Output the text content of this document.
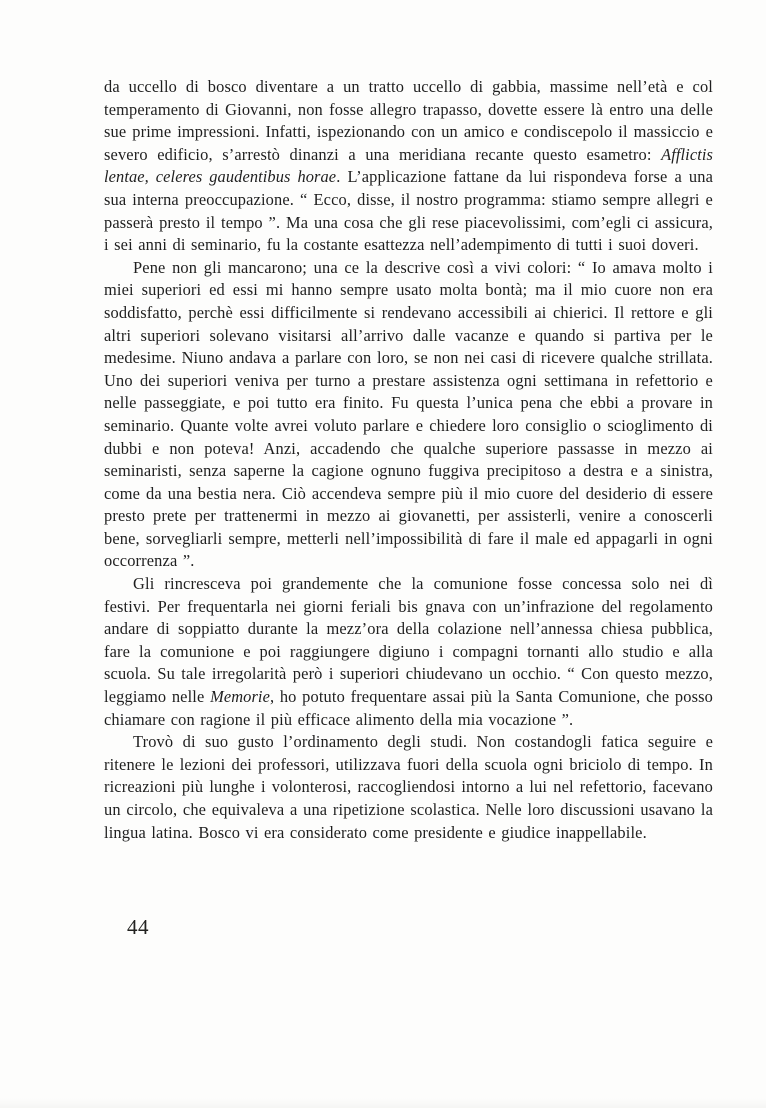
da uccello di bosco diventare a un tratto uccello di gabbia, massime nell’età e col temperamento di Giovanni, non fosse allegro trapasso, dovette essere là entro una delle sue prime impressioni. Infatti, ispezionando con un amico e condiscepolo il massiccio e severo edificio, s’arrestò dinanzi a una meridiana recante questo esametro: Afflictis lentae, celeres gaudentibus horae. L’applicazione fattane da lui rispondeva forse a una sua interna preoccupazione. “ Ecco, disse, il nostro programma: stiamo sempre allegri e passerà presto il tempo ”. Ma una cosa che gli rese piacevolissimi, com’egli ci assicura, i sei anni di seminario, fu la costante esattezza nell’adempimento di tutti i suoi doveri.

Pene non gli mancarono; una ce la descrive così a vivi colori: “ Io amava molto i miei superiori ed essi mi hanno sempre usato molta bontà; ma il mio cuore non era soddisfatto, perchè essi difficilmente si rendevano accessibili ai chierici. Il rettore e gli altri superiori solevano visitarsi all’arrivo dalle vacanze e quando si partiva per le medesime. Niuno andava a parlare con loro, se non nei casi di ricevere qualche strillata. Uno dei superiori veniva per turno a prestare assistenza ogni settimana in refettorio e nelle passeggiate, e poi tutto era finito. Fu questa l’unica pena che ebbi a provare in seminario. Quante volte avrei voluto parlare e chiedere loro consiglio o scioglimento di dubbi e non poteva! Anzi, accadendo che qualche superiore passasse in mezzo ai seminaristi, senza saperne la cagione ognuno fuggiva precipitoso a destra e a sinistra, come da una bestia nera. Ciò accendeva sempre più il mio cuore del desiderio di essere presto prete per trattenermi in mezzo ai giovanetti, per assisterli, venire a conoscerli bene, sorvegliarli sempre, metterli nell’impossibilità di fare il male ed appagarli in ogni occorrenza ”.

Gli rincresceva poi grandemente che la comunione fosse concessa solo nei dì festivi. Per frequentarla nei giorni feriali bis gnava con un’infrazione del regolamento andare di soppiatto durante la mezz’ora della colazione nell’annessa chiesa pubblica, fare la comunione e poi raggiungere digiuno i compagni tornanti allo studio e alla scuola. Su tale irregolarità però i superiori chiudevano un occhio. “ Con questo mezzo, leggiamo nelle Memorie, ho potuto frequentare assai più la Santa Comunione, che posso chiamare con ragione il più efficace alimento della mia vocazione ”.

Trovò di suo gusto l’ordinamento degli studi. Non costandogli fatica seguire e ritenere le lezioni dei professori, utilizzava fuori della scuola ogni briciolo di tempo. In ricreazioni più lunghe i volonterosi, raccogliendosi intorno a lui nel refettorio, facevano un circolo, che equivaleva a una ripetizione scolastica. Nelle loro discussioni usavano la lingua latina. Bosco vi era considerato come presidente e giudice inappellabile.

44
